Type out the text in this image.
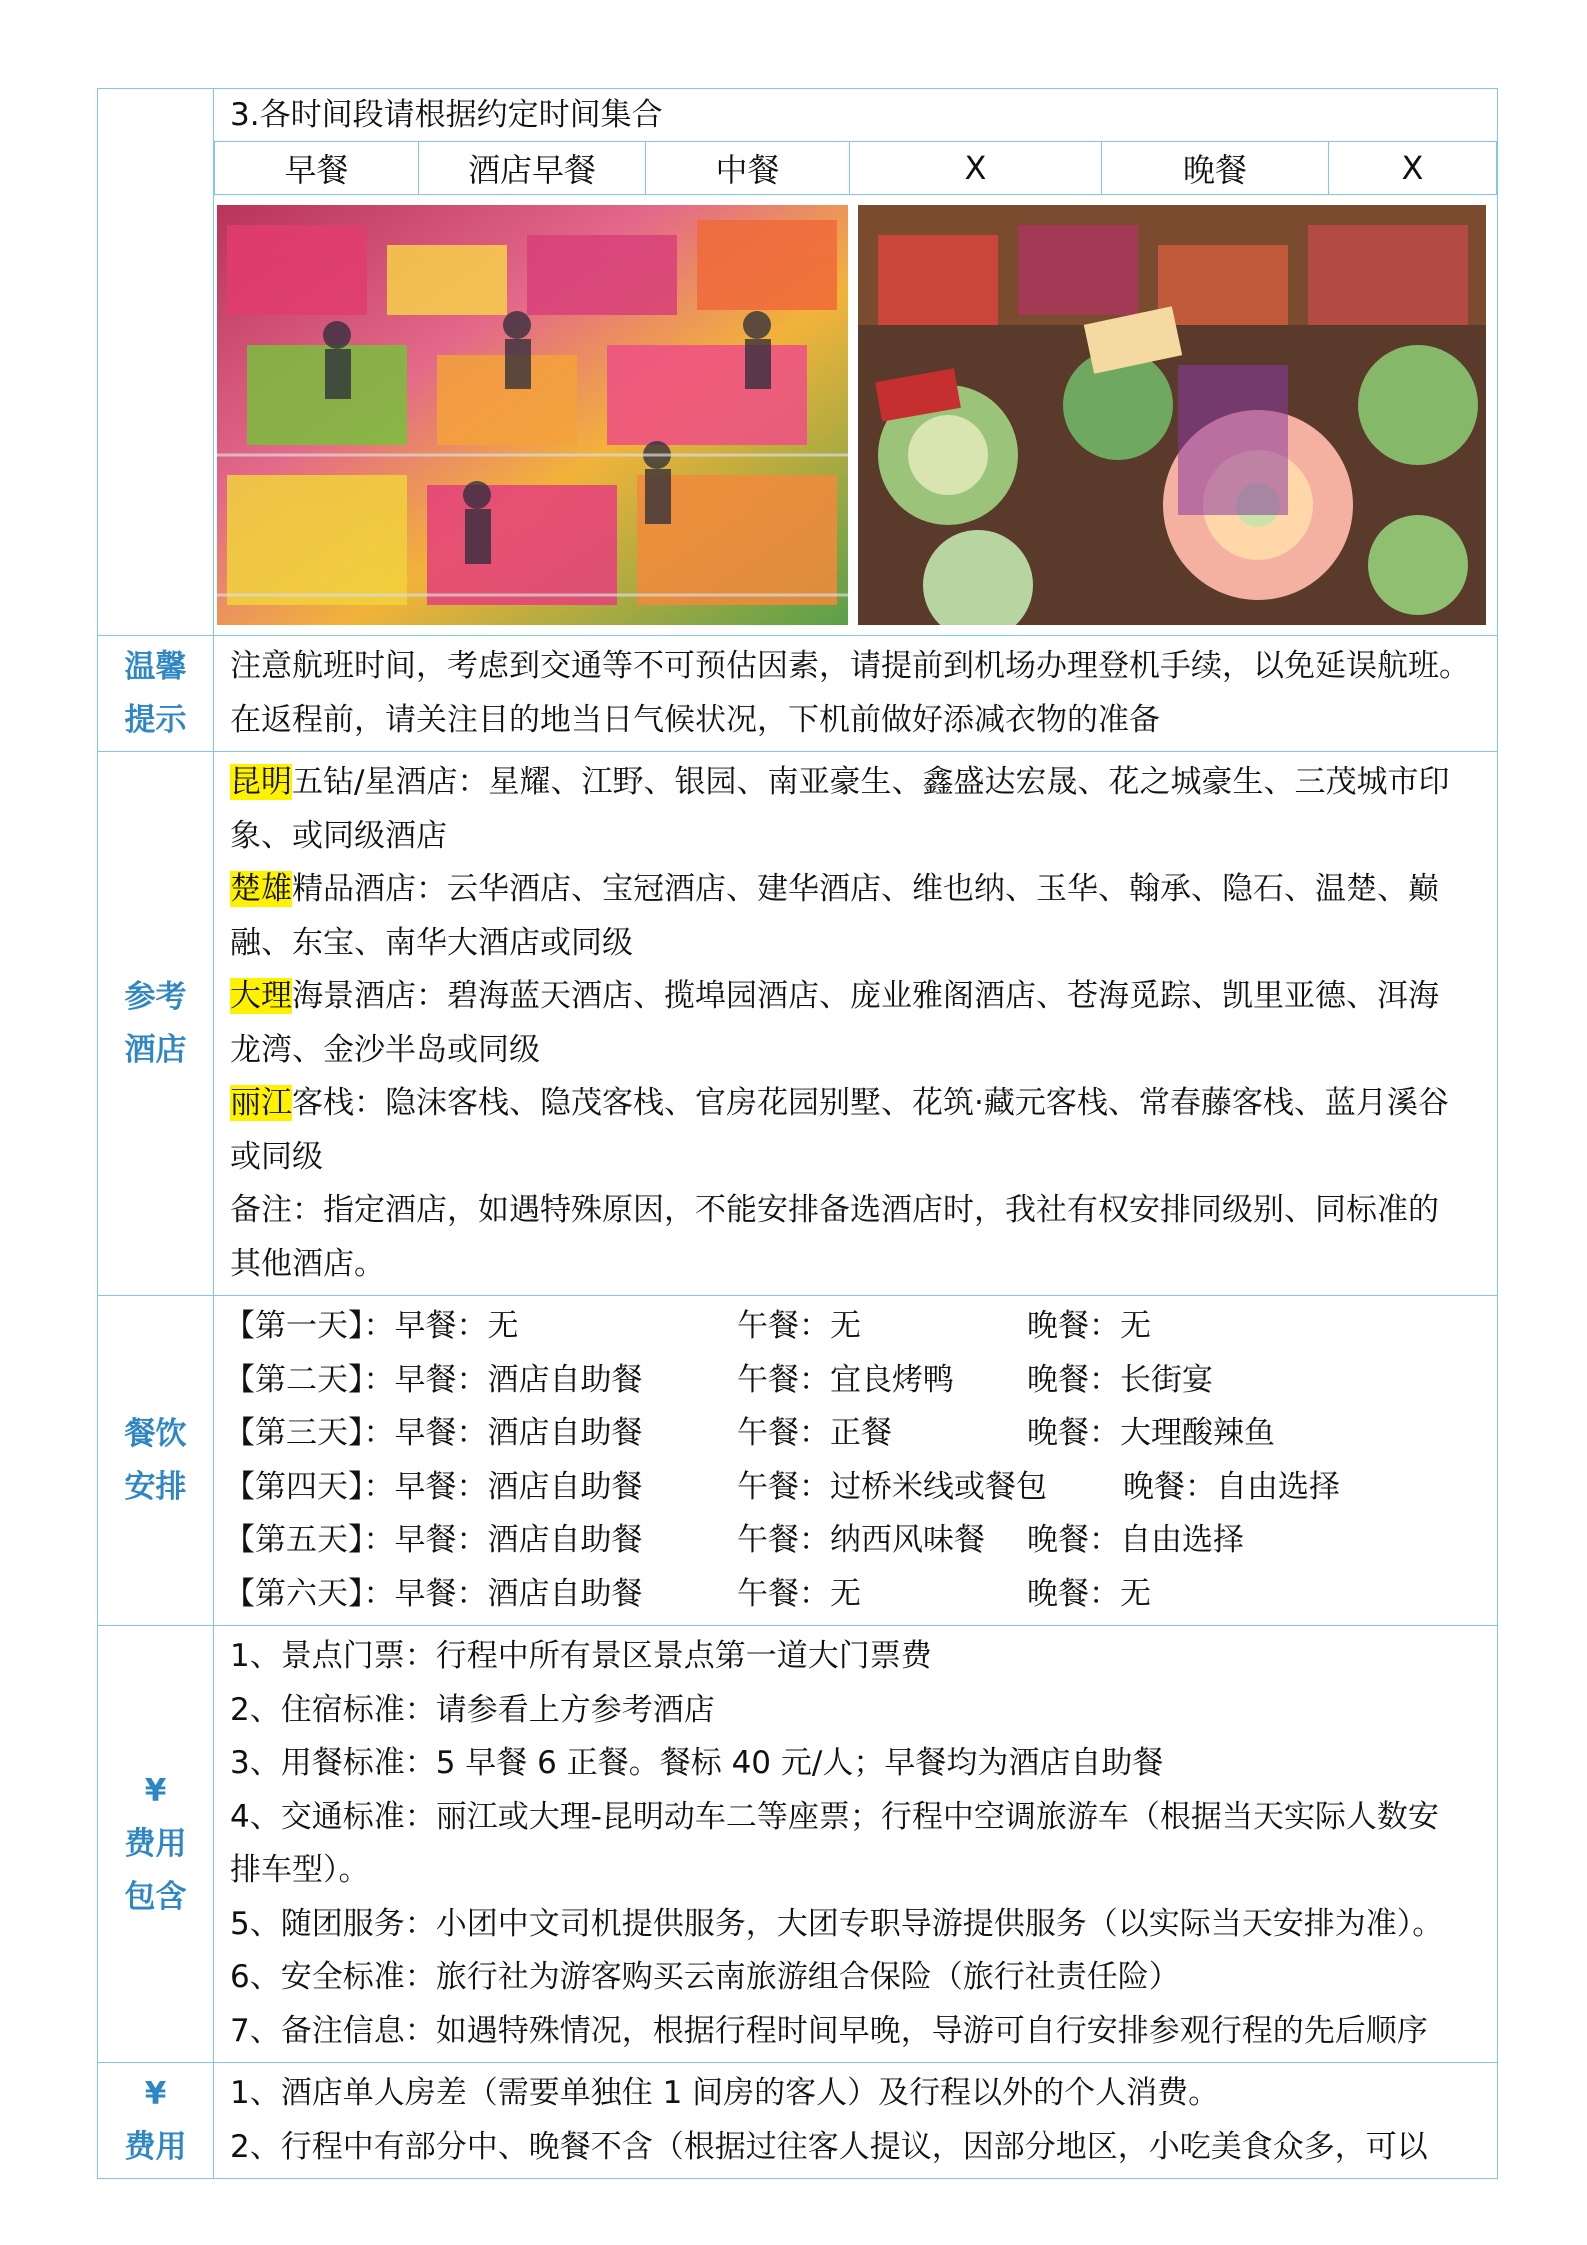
3.各时间段请根据约定时间集合
早餐	酒店早餐	中餐	X	晚餐	X

温馨
提示

注意航班时间，考虑到交通等不可预估因素，请提前到机场办理登机手续，以免延误航班。
在返程前，请关注目的地当日气候状况，下机前做好添减衣物的准备

参考
酒店

昆明五钻/星酒店：星耀、江野、银园、南亚豪生、鑫盛达宏晟、花之城豪生、三茂城市印
象、或同级酒店
楚雄精品酒店：云华酒店、宝冠酒店、建华酒店、维也纳、玉华、翰承、隐石、温楚、巅
融、东宝、南华大酒店或同级
大理海景酒店：碧海蓝天酒店、揽埠园酒店、庞业雅阁酒店、苍海觅踪、凯里亚德、洱海
龙湾、金沙半岛或同级
丽江客栈：隐沫客栈、隐茂客栈、官房花园别墅、花筑·藏元客栈、常春藤客栈、蓝月溪谷
或同级
备注：指定酒店，如遇特殊原因，不能安排备选酒店时，我社有权安排同级别、同标准的
其他酒店。

餐饮
安排

【第一天】：早餐：无	午餐：无	晚餐：无
【第二天】：早餐：酒店自助餐	午餐：宜良烤鸭	晚餐：长街宴
【第三天】：早餐：酒店自助餐	午餐：正餐	晚餐：大理酸辣鱼
【第四天】：早餐：酒店自助餐	午餐：过桥米线或餐包	晚餐：自由选择
【第五天】：早餐：酒店自助餐	午餐：纳西风味餐	晚餐：自由选择
【第六天】：早餐：酒店自助餐	午餐：无	晚餐：无

¥
费用
包含

1、景点门票：行程中所有景区景点第一道大门票费
2、住宿标准：请参看上方参考酒店
3、用餐标准：5 早餐 6 正餐。餐标 40 元/人；早餐均为酒店自助餐
4、交通标准：丽江或大理-昆明动车二等座票；行程中空调旅游车（根据当天实际人数安
排车型）。
5、随团服务：小团中文司机提供服务，大团专职导游提供服务（以实际当天安排为准）。
6、安全标准：旅行社为游客购买云南旅游组合保险（旅行社责任险）
7、备注信息：如遇特殊情况，根据行程时间早晚，导游可自行安排参观行程的先后顺序

¥
费用

1、酒店单人房差（需要单独住 1 间房的客人）及行程以外的个人消费。
2、行程中有部分中、晚餐不含（根据过往客人提议，因部分地区，小吃美食众多，可以
